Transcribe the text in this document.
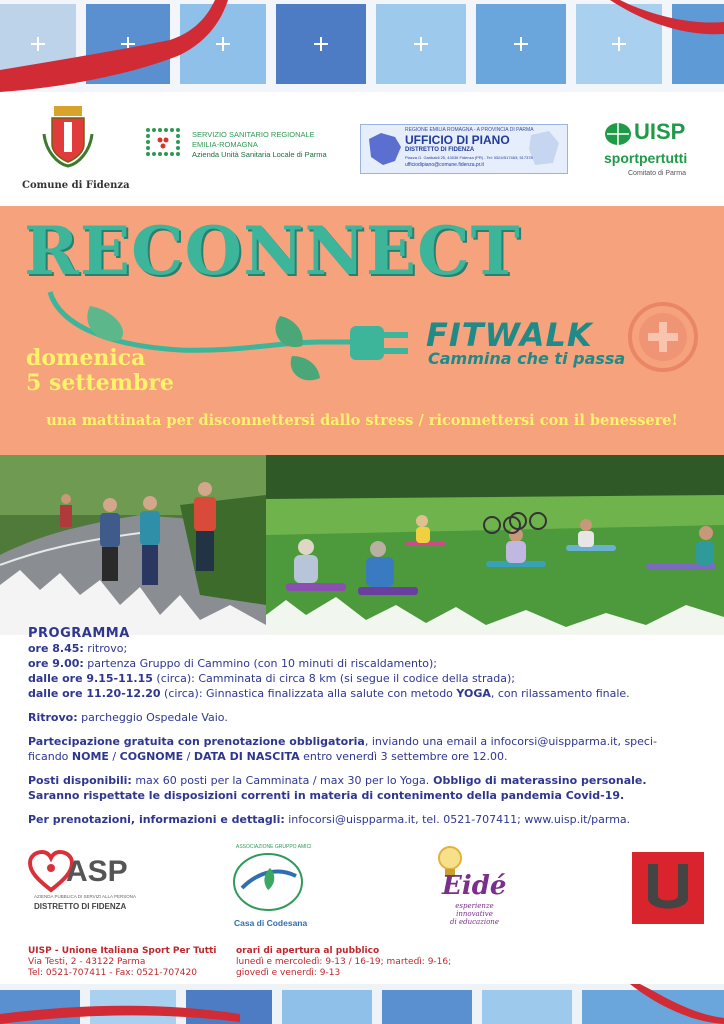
Comune di Fidenza
SERVIZIO SANITARIO REGIONALE
EMILIA-ROMAGNA
Azienda Unità Sanitaria Locale di Parma
REGIONE EMILIA ROMAGNA - A PROVINCIA DI PARMA
UFFICIO DI PIANO
DISTRETTO DI FIDENZA
Piazza G. Garibaldi 25, 43036 Fidenza (PR) - Tel: 0524/517463; 517378
ufficiodipiano@comune.fidenza.pr.it
UISP
sportpertutti
Comitato di Parma
RECONNECT
domenica
5 settembre
FITWALK
Cammina che ti passa
una mattinata per disconnettersi dallo stress / riconnettersi con il benessere!

PROGRAMMA

ore 8.45: ritrovo;

ore 9.00: partenza Gruppo di Cammino (con 10 minuti di riscaldamento);

dalle ore 9.15-11.15 (circa): Camminata di circa 8 km (si segue il codice della strada);

dalle ore 11.20-12.20 (circa): Ginnastica finalizzata alla salute con metodo YOGA, con rilassamento finale.

Ritrovo: parcheggio Ospedale Vaio.

Partecipazione gratuita con prenotazione obbligatoria, inviando una email a infocorsi@uispparma.it, speci-

ficando NOME / COGNOME / DATA DI NASCITA entro venerdì 3 settembre ore 12.00.

Posti disponibili: max 60 posti per la Camminata / max 30 per lo Yoga. Obbligo di materassino personale.

Saranno rispettate le disposizioni correnti in materia di contenimento della pandemia Covid-19.

Per prenotazioni, informazioni e dettagli: infocorsi@uispparma.it, tel. 0521-707411; www.uisp.it/parma.

ASP
AZIENDA PUBBLICA DI SERVIZI ALLA PERSONA
DISTRETTO DI FIDENZA
ASSOCIAZIONE GRUPPO AMICI
Casa di Codesana
Eidé
esperienze
innovative
di educazione
UISP - Unione Italiana Sport Per Tutti
Via Testi, 2 - 43122 Parma
Tel: 0521-707411 - Fax: 0521-707420
orari di apertura al pubblico
lunedì e mercoledì: 9-13 / 16-19; martedì: 9-16;
giovedì e venerdì: 9-13
